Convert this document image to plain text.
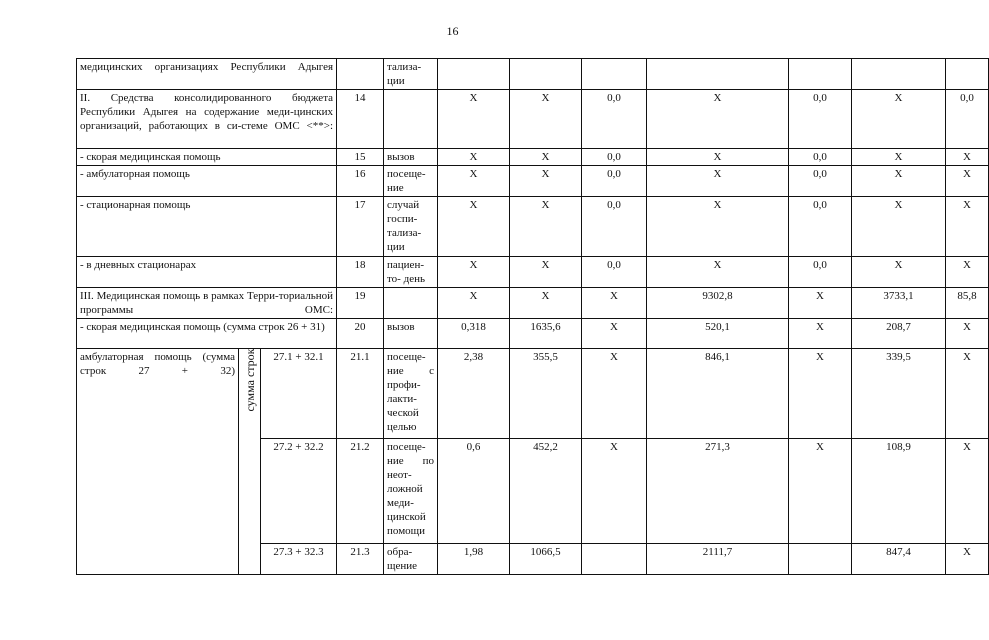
16
медицинских организациях Республики Адыгея				тализа-ции							
II. Средства консолидированного бюджета Республики Адыгея на содержание меди-цинских организаций, работающих в си-стеме ОМС <**>:			14		X	X	0,0	X	0,0	X	0,0
- скорая медицинская помощь			15	вызов	X	X	0,0	X	0,0	X	X
- амбулаторная помощь			16	посеще-ние	X	X	0,0	X	0,0	X	X
- стационарная помощь			17	случай госпи-тализа-ции	X	X	0,0	X	0,0	X	X
- в дневных стационарах			18	пациен-то- день	X	X	0,0	X	0,0	X	X
III. Медицинская помощь в рамках Терри-ториальной программы ОМС:			19		X	X	X	9302,8	X	3733,1	85,8
- скорая медицинская помощь (сумма строк 26 + 31)			20	вызов	0,318	1635,6	X	520,1	X	208,7	X
амбулаторная помощь (сумма строк 27 + 32)	сумма строк	27.1 + 32.1	21.1	посеще-ние с профи-лакти-ческой целью	2,38	355,5	X	846,1	X	339,5	X
		27.2 + 32.2	21.2	посеще-ние по неот-ложной меди-цинской помощи	0,6	452,2	X	271,3	X	108,9	X
		27.3 + 32.3	21.3	обра-щение	1,98	1066,5		2111,7		847,4	X
